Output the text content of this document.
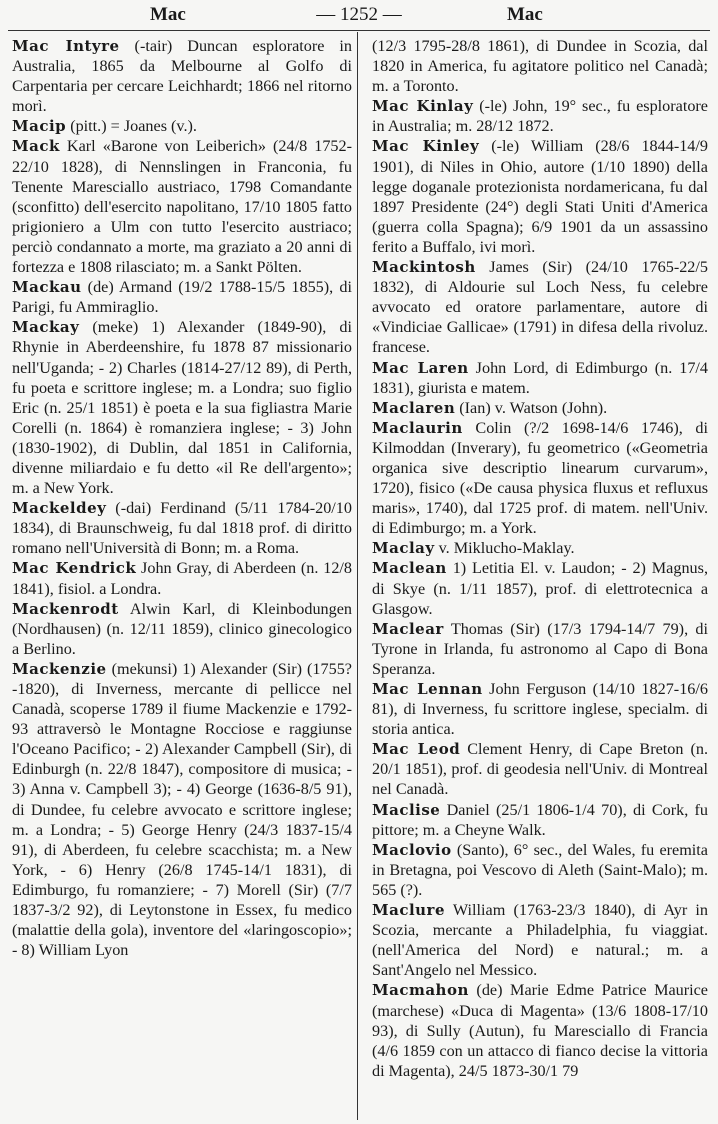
Mac	— 1252 —	Mac

Mac Intyre (-tair) Duncan esploratore in Australia, 1865 da Melbourne al Golfo di Carpentaria per cercare Leichhardt; 1866 nel ritorno morì.

Macip (pitt.) = Joanes (v.).

Mack Karl «Barone von Leiberich» (24/8 1752-22/10 1828), di Nennslingen in Franconia, fu Tenente Maresciallo austriaco, 1798 Comandante (sconfitto) dell'esercito napolitano, 17/10 1805 fatto prigioniero a Ulm con tutto l'esercito austriaco; perciò condannato a morte, ma graziato a 20 anni di fortezza e 1808 rilasciato; m. a Sankt Pölten.

Mackau (de) Armand (19/2 1788-15/5 1855), di Parigi, fu Ammiraglio.

Mackay (meke) 1) Alexander (1849-90), di Rhynie in Aberdeenshire, fu 1878 87 missionario nell'Uganda; - 2) Charles (1814-27/12 89), di Perth, fu poeta e scrittore inglese; m. a Londra; suo figlio Eric (n. 25/1 1851) è poeta e la sua figliastra Marie Corelli (n. 1864) è romanziera inglese; - 3) John (1830-1902), di Dublin, dal 1851 in California, divenne miliardaio e fu detto «il Re dell'argento»; m. a New York.

Mackeldey (-dai) Ferdinand (5/11 1784-20/10 1834), di Braunschweig, fu dal 1818 prof. di diritto romano nell'Università di Bonn; m. a Roma.

Mac Kendrick John Gray, di Aberdeen (n. 12/8 1841), fisiol. a Londra.

Mackenrodt Alwin Karl, di Kleinbodungen (Nordhausen) (n. 12/11 1859), clinico ginecologico a Berlino.

Mackenzie (mekunsi) 1) Alexander (Sir) (1755?-1820), di Inverness, mercante di pellicce nel Canadà, scoperse 1789 il fiume Mackenzie e 1792-93 attraversò le Montagne Rocciose e raggiunse l'Oceano Pacifico; - 2) Alexander Campbell (Sir), di Edinburgh (n. 22/8 1847), compositore di musica; - 3) Anna v. Campbell 3); - 4) George (1636-8/5 91), di Dundee, fu celebre avvocato e scrittore inglese; m. a Londra; - 5) George Henry (24/3 1837-15/4 91), di Aberdeen, fu celebre scacchista; m. a New York, - 6) Henry (26/8 1745-14/1 1831), di Edimburgo, fu romanziere; - 7) Morell (Sir) (7/7 1837-3/2 92), di Leytonstone in Essex, fu medico (malattie della gola), inventore del «laringoscopio»; - 8) William Lyon

(12/3 1795-28/8 1861), di Dundee in Scozia, dal 1820 in America, fu agitatore politico nel Canadà; m. a Toronto.

Mac Kinlay (-le) John, 19° sec., fu esploratore in Australia; m. 28/12 1872.

Mac Kinley (-le) William (28/6 1844-14/9 1901), di Niles in Ohio, autore (1/10 1890) della legge doganale protezionista nordamericana, fu dal 1897 Presidente (24°) degli Stati Uniti d'America (guerra colla Spagna); 6/9 1901 da un assassino ferito a Buffalo, ivi morì.

Mackintosh James (Sir) (24/10 1765-22/5 1832), di Aldourie sul Loch Ness, fu celebre avvocato ed oratore parlamentare, autore di «Vindiciae Gallicae» (1791) in difesa della rivoluz. francese.

Mac Laren John Lord, di Edimburgo (n. 17/4 1831), giurista e matem.

Maclaren (Ian) v. Watson (John).

Maclaurin Colin (?/2 1698-14/6 1746), di Kilmoddan (Inverary), fu geometrico («Geometria organica sive descriptio linearum curvarum», 1720), fisico («De causa physica fluxus et refluxus maris», 1740), dal 1725 prof. di matem. nell'Univ. di Edimburgo; m. a York.

Maclay v. Miklucho-Maklay.

Maclean 1) Letitia El. v. Laudon; - 2) Magnus, di Skye (n. 1/11 1857), prof. di elettrotecnica a Glasgow.

Maclear Thomas (Sir) (17/3 1794-14/7 79), di Tyrone in Irlanda, fu astronomo al Capo di Bona Speranza.

Mac Lennan John Ferguson (14/10 1827-16/6 81), di Inverness, fu scrittore inglese, specialm. di storia antica.

Mac Leod Clement Henry, di Cape Breton (n. 20/1 1851), prof. di geodesia nell'Univ. di Montreal nel Canadà.

Maclise Daniel (25/1 1806-1/4 70), di Cork, fu pittore; m. a Cheyne Walk.

Maclovio (Santo), 6° sec., del Wales, fu eremita in Bretagna, poi Vescovo di Aleth (Saint-Malo); m. 565 (?).

Maclure William (1763-23/3 1840), di Ayr in Scozia, mercante a Philadelphia, fu viaggiat. (nell'America del Nord) e natural.; m. a Sant'Angelo nel Messico.

Macmahon (de) Marie Edme Patrice Maurice (marchese) «Duca di Magenta» (13/6 1808-17/10 93), di Sully (Autun), fu Maresciallo di Francia (4/6 1859 con un attacco di fianco decise la vittoria di Magenta), 24/5 1873-30/1 79
